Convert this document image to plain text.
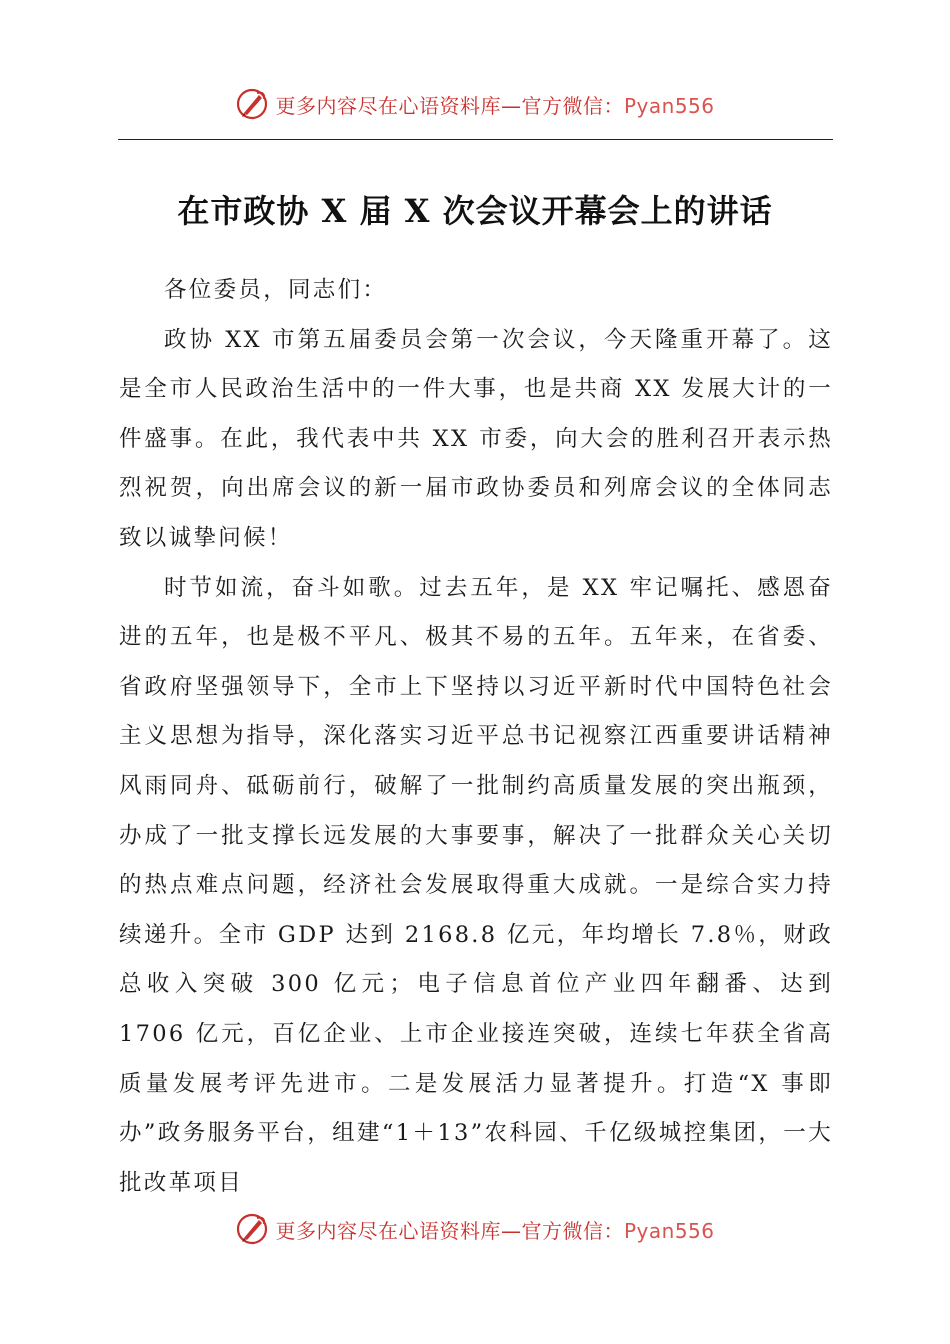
更多内容尽在心语资料库—官方微信：Pyan556
在市政协 X 届 X 次会议开幕会上的讲话

各位委员，同志们：

政协 XX 市第五届委员会第一次会议，今天隆重开幕了。这是全市人民政治生活中的一件大事，也是共商 XX 发展大计的一件盛事。在此，我代表中共 XX 市委，向大会的胜利召开表示热烈祝贺，向出席会议的新一届市政协委员和列席会议的全体同志致以诚挚问候！

时节如流，奋斗如歌。过去五年，是 XX 牢记嘱托、感恩奋进的五年，也是极不平凡、极其不易的五年。五年来，在省委、省政府坚强领导下，全市上下坚持以习近平新时代中国特色社会主义思想为指导，深化落实习近平总书记视察江西重要讲话精神风雨同舟、砥砺前行，破解了一批制约高质量发展的突出瓶颈，办成了一批支撑长远发展的大事要事，解决了一批群众关心关切的热点难点问题，经济社会发展取得重大成就。一是综合实力持续递升。全市 GDP 达到 2168.8 亿元，年均增长 7.8％，财政总收入突破 300 亿元；电子信息首位产业四年翻番、达到 1706 亿元，百亿企业、上市企业接连突破，连续七年获全省高质量发展考评先进市。二是发展活力显著提升。打造“X 事即办”政务服务平台，组建“1＋13”农科园、千亿级城控集团，一大批改革项目

更多内容尽在心语资料库—官方微信：Pyan556
